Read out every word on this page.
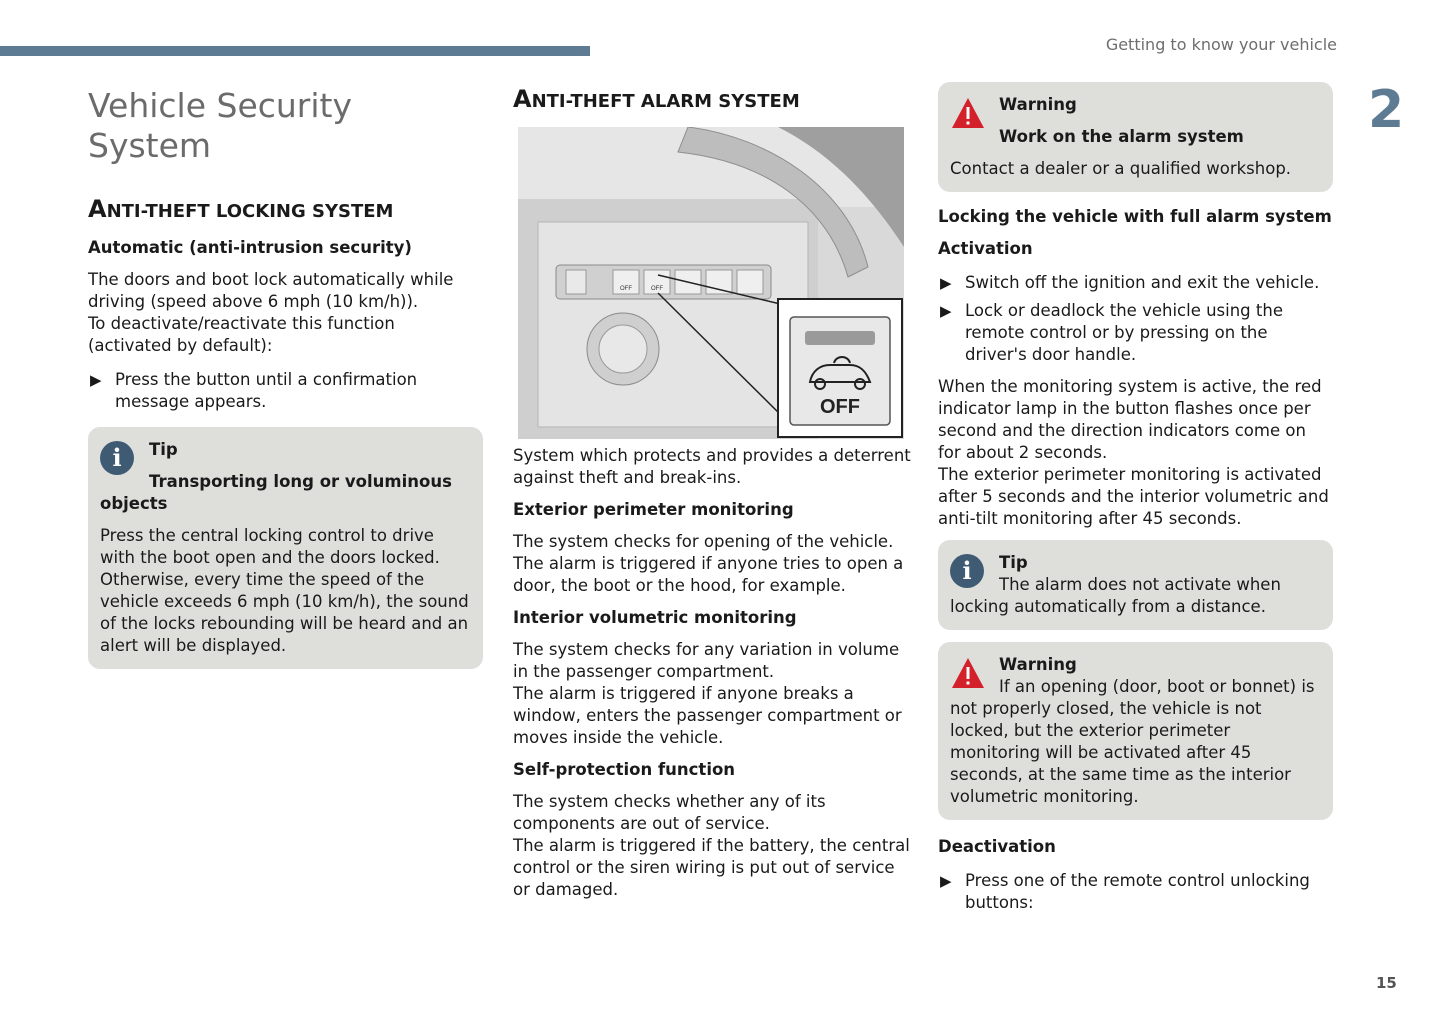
Getting to know your vehicle
2
15
Vehicle Security System
ANTI-THEFT LOCKING SYSTEM

Automatic (anti-intrusion security)

The doors and boot lock automatically while driving (speed above 6 mph (10 km/h)).
To deactivate/reactivate this function (activated by default):

▶ Press the button until a confirmation message appears.
i	Tip
Transporting long or voluminous objects

Press the central locking control to drive with the boot open and the doors locked. Otherwise, every time the speed of the vehicle exceeds 6 mph (10 km/h), the sound of the locks rebounding will be heard and an alert will be displayed.

ANTI-THEFT ALARM SYSTEM
OFF
OFF	OFF

System which protects and provides a deterrent against theft and break-ins.

Exterior perimeter monitoring

The system checks for opening of the vehicle.
The alarm is triggered if anyone tries to open a door, the boot or the hood, for example.

Interior volumetric monitoring

The system checks for any variation in volume in the passenger compartment.
The alarm is triggered if anyone breaks a window, enters the passenger compartment or moves inside the vehicle.

Self-protection function

The system checks whether any of its components are out of service.
The alarm is triggered if the battery, the central control or the siren wiring is put out of service or damaged.

Warning
Work on the alarm system

Contact a dealer or a qualified workshop.

Locking the vehicle with full alarm system

Activation

▶ Switch off the ignition and exit the vehicle.
▶ Lock or deadlock the vehicle using the remote control or by pressing on the driver's door handle.

When the monitoring system is active, the red indicator lamp in the button flashes once per second and the direction indicators come on for about 2 seconds.
The exterior perimeter monitoring is activated after 5 seconds and the interior volumetric and anti-tilt monitoring after 45 seconds.

i	Tip

The alarm does not activate when locking automatically from a distance.

Warning

If an opening (door, boot or bonnet) is not properly closed, the vehicle is not locked, but the exterior perimeter monitoring will be activated after 45 seconds, at the same time as the interior volumetric monitoring.

Deactivation

▶ Press one of the remote control unlocking buttons:
